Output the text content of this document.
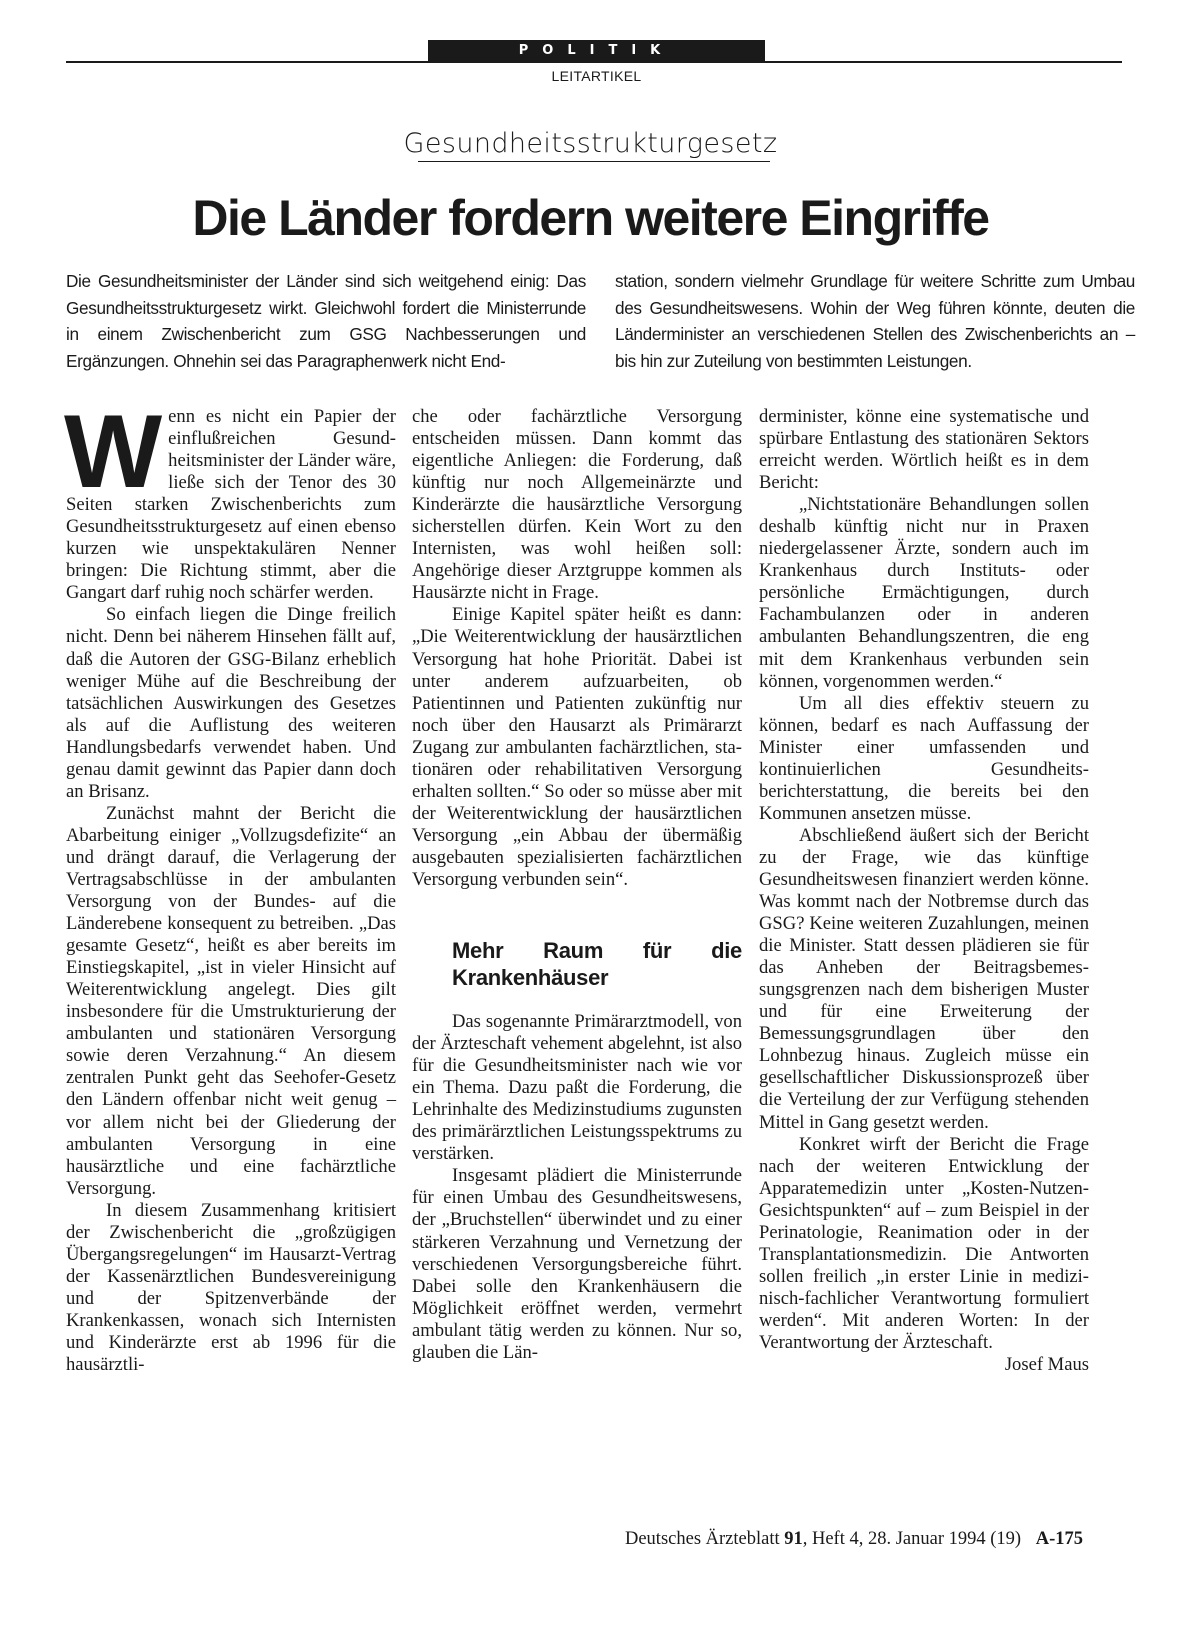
POLITIK
LEITARTIKEL
Gesundheitsstrukturgesetz
Die Länder fordern weitere Eingriffe
Die Gesundheitsminister der Länder sind sich weitgehend einig: Das Gesundheitsstrukturgesetz wirkt. Gleichwohl fordert die Ministerrunde in einem Zwischenbericht zum GSG Nachbesserungen und Ergänzungen. Ohnehin sei das Paragraphenwerk nicht End-
station, sondern vielmehr Grundlage für weitere Schritte zum Umbau des Gesundheitswesens. Wohin der Weg führen könnte, deuten die Länderminister an verschiedenen Stellen des Zwischenberichts an – bis hin zur Zuteilung von bestimmten Leistungen.

Wenn es nicht ein Papier der einflußreichen Gesundheitsminister der Länder wäre, ließe sich der Tenor des 30 Seiten starken Zwischenberichts zum Gesundheitsstrukturgesetz auf einen ebenso kurzen wie unspektakulären Nenner bringen: Die Richtung stimmt, aber die Gangart darf ruhig noch schärfer werden.

So einfach liegen die Dinge freilich nicht. Denn bei näherem Hinsehen fällt auf, daß die Autoren der GSG-Bilanz erheblich weniger Mühe auf die Beschreibung der tatsächlichen Auswirkungen des Gesetzes als auf die Auflistung des weiteren Handlungsbedarfs verwendet haben. Und genau damit gewinnt das Papier dann doch an Brisanz.

Zunächst mahnt der Bericht die Abarbeitung einiger „Vollzugsdefizite“ an und drängt darauf, die Verlagerung der Vertragsabschlüsse in der ambulanten Versorgung von der Bundes- auf die Länderebene konsequent zu betreiben. „Das gesamte Gesetz“, heißt es aber bereits im Einstiegskapitel, „ist in vieler Hinsicht auf Weiterentwicklung angelegt. Dies gilt insbesondere für die Umstrukturierung der ambulanten und stationären Versorgung sowie deren Verzahnung.“ An diesem zentralen Punkt geht das Seehofer-Gesetz den Ländern offenbar nicht weit genug – vor allem nicht bei der Gliederung der ambulanten Versorgung in eine hausärztliche und eine fachärztliche Versorgung.

In diesem Zusammenhang kritisiert der Zwischenbericht die „großzügigen Übergangsregelungen“ im Hausarzt-Vertrag der Kassenärztlichen Bundesvereinigung und der Spitzenverbände der Krankenkassen, wonach sich Internisten und Kinderärzte erst ab 1996 für die hausärztli-

che oder fachärztliche Versorgung entscheiden müssen. Dann kommt das eigentliche Anliegen: die Forderung, daß künftig nur noch Allgemeinärzte und Kinderärzte die hausärztliche Versorgung sicherstellen dürfen. Kein Wort zu den Internisten, was wohl heißen soll: Angehörige dieser Arztgruppe kommen als Hausärzte nicht in Frage.

Einige Kapitel später heißt es dann: „Die Weiterentwicklung der hausärztlichen Versorgung hat hohe Priorität. Dabei ist unter anderem aufzuarbeiten, ob Patientinnen und Patienten zukünftig nur noch über den Hausarzt als Primärarzt Zugang zur ambulanten fachärztlichen, stationären oder rehabilitativen Versorgung erhalten sollten.“ So oder so müsse aber mit der Weiterentwicklung der hausärztlichen Versorgung „ein Abbau der übermäßig ausgebauten spezialisierten fachärztlichen Versorgung verbunden sein“.

Mehr Raum für die Krankenhäuser

Das sogenannte Primärarztmodell, von der Ärzteschaft vehement abgelehnt, ist also für die Gesundheitsminister nach wie vor ein Thema. Dazu paßt die Forderung, die Lehrinhalte des Medizinstudiums zugunsten des primärärztlichen Leistungsspektrums zu verstärken.

Insgesamt plädiert die Ministerrunde für einen Umbau des Gesundheitswesens, der „Bruchstellen“ überwindet und zu einer stärkeren Verzahnung und Vernetzung der verschiedenen Versorgungsbereiche führt. Dabei solle den Krankenhäusern die Möglichkeit eröffnet werden, vermehrt ambulant tätig werden zu können. Nur so, glauben die Län-

derminister, könne eine systematische und spürbare Entlastung des stationären Sektors erreicht werden. Wörtlich heißt es in dem Bericht:

„Nichtstationäre Behandlungen sollen deshalb künftig nicht nur in Praxen niedergelassener Ärzte, sondern auch im Krankenhaus durch Instituts- oder persönliche Ermächtigungen, durch Fachambulanzen oder in anderen ambulanten Behandlungszentren, die eng mit dem Krankenhaus verbunden sein können, vorgenommen werden.“

Um all dies effektiv steuern zu können, bedarf es nach Auffassung der Minister einer umfassenden und kontinuierlichen Gesundheitsberichterstattung, die bereits bei den Kommunen ansetzen müsse.

Abschließend äußert sich der Bericht zu der Frage, wie das künftige Gesundheitswesen finanziert werden könne. Was kommt nach der Notbremse durch das GSG? Keine weiteren Zuzahlungen, meinen die Minister. Statt dessen plädieren sie für das Anheben der Beitragsbemessungsgrenzen nach dem bisherigen Muster und für eine Erweiterung der Bemessungsgrundlagen über den Lohnbezug hinaus. Zugleich müsse ein gesellschaftlicher Diskussionsprozeß über die Verteilung der zur Verfügung stehenden Mittel in Gang gesetzt werden.

Konkret wirft der Bericht die Frage nach der weiteren Entwicklung der Apparatemedizin unter „Kosten-Nutzen-Gesichtspunkten“ auf – zum Beispiel in der Perinatologie, Reanimation oder in der Transplantationsmedizin. Die Antworten sollen freilich „in erster Linie in medizinisch-fachlicher Verantwortung formuliert werden“. Mit anderen Worten: In der Verantwortung der Ärzteschaft.

Josef Maus

Deutsches Ärzteblatt 91, Heft 4, 28. Januar 1994 (19) A-175
